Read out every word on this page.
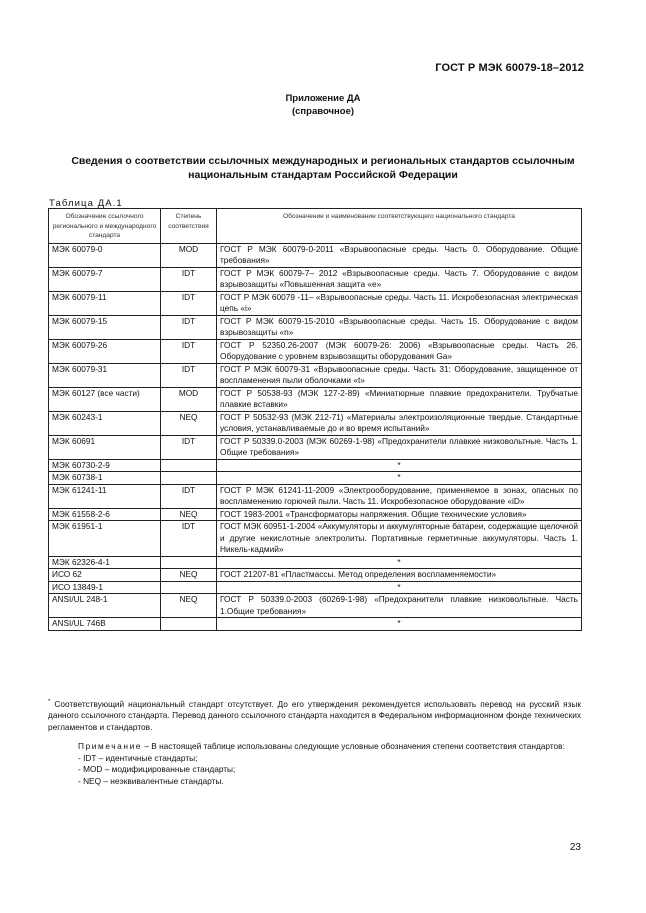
ГОСТ Р МЭК 60079-18–2012
Приложение ДА
(справочное)
Сведения о соответствии ссылочных международных и региональных стандартов ссылочным национальным стандартам Российской Федерации
Таблица ДА.1
Обозначение ссылочного регионального и международного стандарта	Степень соответствия	Обозначение и наименование соответствующего национального стандарта
МЭК 60079-0	MOD	ГОСТ Р МЭК 60079-0-2011 «Взрывоопасные среды. Часть 0. Оборудование. Общие требования»
МЭК 60079-7	IDT	ГОСТ Р МЭК 60079-7– 2012 «Взрывоопасные среды. Часть 7. Оборудование с видом взрывозащиты «Повышенная защита «е»
МЭК 60079-11	IDT	ГОСТ Р МЭК 60079 -11– «Взрывоопасные среды. Часть 11. Искробезопасная электрическая цепь «i»
МЭК 60079-15	IDT	ГОСТ Р МЭК 60079-15-2010 «Взрывоопасные среды. Часть 15. Оборудование с видом взрывозащиты «n»
МЭК 60079-26	IDT	ГОСТ Р 52350.26-2007 (МЭК 60079-26: 2006) «Взрывоопасные среды. Часть 26. Оборудование с уровнем взрывозащиты оборудования Ga»
МЭК 60079-31	IDT	ГОСТ Р МЭК 60079-31 «Взрывоопасные среды. Часть 31: Оборудование, защищенное от воспламенения пыли оболочками «t»
МЭК 60127 (все части)	MOD	ГОСТ Р 50538-93 (МЭК 127-2-89) «Миниатюрные плавкие предохранители. Трубчатые плавкие вставки»
МЭК 60243-1	NEQ	ГОСТ Р 50532-93 (МЭК 212-71) «Материалы электроизоляционные твердые. Стандартные условия, устанавливаемые до и во время испытаний»
МЭК 60691	IDT	ГОСТ Р 50339.0-2003 (МЭК 60269-1-98) «Предохранители плавкие низковольтные. Часть 1. Общие требования»
МЭК 60730-2-9		*
МЭК 60738-1		*
МЭК 61241-11	IDT	ГОСТ Р МЭК 61241-11-2009 «Электрооборудование, применяемое в зонах, опасных по воспламенению горючей пыли. Часть 11. Искробезопасное оборудование «iD»
МЭК 61558-2-6	NEQ	ГОСТ 1983-2001 «Трансформаторы напряжения. Общие технические условия»
МЭК 61951-1	IDT	ГОСТ МЭК 60951-1-2004 «Аккумуляторы и аккумуляторные батареи, содержащие щелочной и другие некислотные электролиты. Портативные герметичные аккумуляторы. Часть 1. Никель-кадмий»
МЭК 62326-4-1		*
ИСО 62	NEQ	ГОСТ 21207-81 «Пластмассы. Метод определения воспламеняемости»
ИСО 13849-1		*
ANSI/UL 248-1	NEQ	ГОСТ Р 50339.0-2003 (60269-1-98) «Предохранители плавкие низковольтные. Часть 1.Общие требования»
ANSI/UL 746B		*
* Соответствующий национальный стандарт отсутствует. До его утверждения рекомендуется использовать перевод на русский язык данного ссылочного стандарта. Перевод данного ссылочного стандарта находится в Федеральном информационном фонде технических регламентов и стандартов.

Примечание – В настоящей таблице использованы следующие условные обозначения степени соответствия стандартов:

- IDT – идентичные стандарты;
- MOD – модифицированные стандарты;
- NEQ – неэквивалентные стандарты.
23
